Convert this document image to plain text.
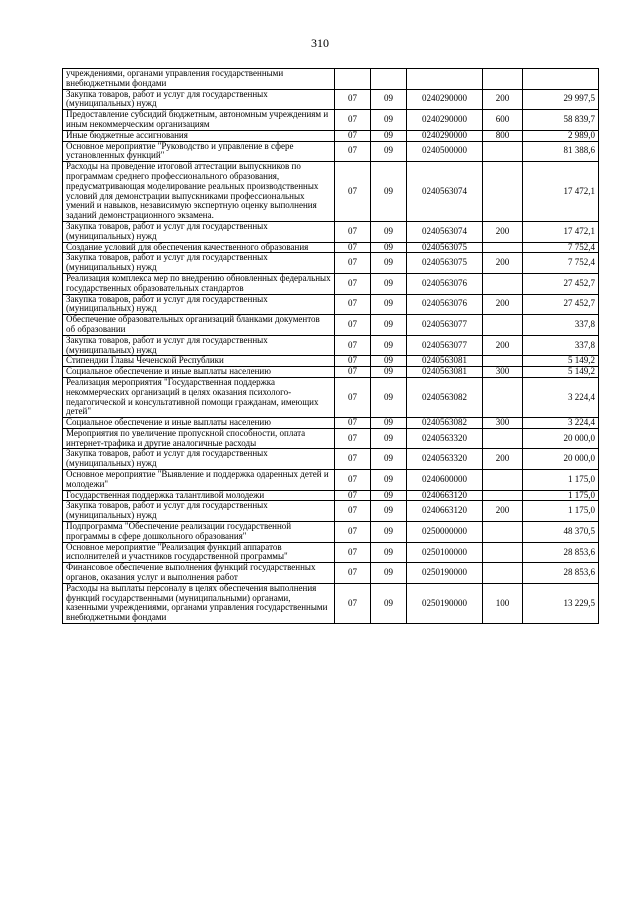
310
учреждениями, органами управления государственными внебюджетными фондами					
Закупка товаров, работ и услуг для государственных (муниципальных) нужд	07	09	0240290000	200	29 997,5
Предоставление субсидий бюджетным, автономным учреждениям и иным некоммерческим организациям	07	09	0240290000	600	58 839,7
Иные бюджетные ассигнования	07	09	0240290000	800	2 989,0
Основное мероприятие "Руководство и управление в сфере установленных функций"	07	09	0240500000		81 388,6
Расходы на проведение итоговой аттестации выпускников по программам среднего профессионального образования, предусматривающая моделирование реальных производственных условий для демонстрации выпускниками профессиональных умений и навыков, независимую экспертную оценку выполнения заданий демонстрационного экзамена.	07	09	0240563074		17 472,1
Закупка товаров, работ и услуг для государственных (муниципальных) нужд	07	09	0240563074	200	17 472,1
Создание условий для обеспечения качественного образования	07	09	0240563075		7 752,4
Закупка товаров, работ и услуг для государственных (муниципальных) нужд	07	09	0240563075	200	7 752,4
Реализация комплекса мер по внедрению обновленных федеральных государственных образовательных стандартов	07	09	0240563076		27 452,7
Закупка товаров, работ и услуг для государственных (муниципальных) нужд	07	09	0240563076	200	27 452,7
Обеспечение образовательных организаций бланками документов об образовании	07	09	0240563077		337,8
Закупка товаров, работ и услуг для государственных (муниципальных) нужд	07	09	0240563077	200	337,8
Стипендии Главы Чеченской Республики	07	09	0240563081		5 149,2
Социальное обеспечение и иные выплаты населению	07	09	0240563081	300	5 149,2
Реализация мероприятия "Государственная поддержка некоммерческих организаций в целях оказания психолого-педагогической и консультативной помощи гражданам, имеющих детей"	07	09	0240563082		3 224,4
Социальное обеспечение и иные выплаты населению	07	09	0240563082	300	3 224,4
Мероприятия по увеличение пропускной способности, оплата интернет-трафика и другие аналогичные расходы	07	09	0240563320		20 000,0
Закупка товаров, работ и услуг для государственных (муниципальных) нужд	07	09	0240563320	200	20 000,0
Основное мероприятие "Выявление и поддержка одаренных детей и молодежи"	07	09	0240600000		1 175,0
Государственная поддержка талантливой молодежи	07	09	0240663120		1 175,0
Закупка товаров, работ и услуг для государственных (муниципальных) нужд	07	09	0240663120	200	1 175,0
Подпрограмма "Обеспечение реализации государственной программы в сфере дошкольного образования"	07	09	0250000000		48 370,5
Основное мероприятие "Реализация функций аппаратов исполнителей и участников государственной программы"	07	09	0250100000		28 853,6
Финансовое обеспечение выполнения функций государственных органов, оказания услуг и выполнения работ	07	09	0250190000		28 853,6
Расходы на выплаты персоналу в целях обеспечения выполнения функций государственными (муниципальными) органами, казенными учреждениями, органами управления государственными внебюджетными фондами	07	09	0250190000	100	13 229,5
